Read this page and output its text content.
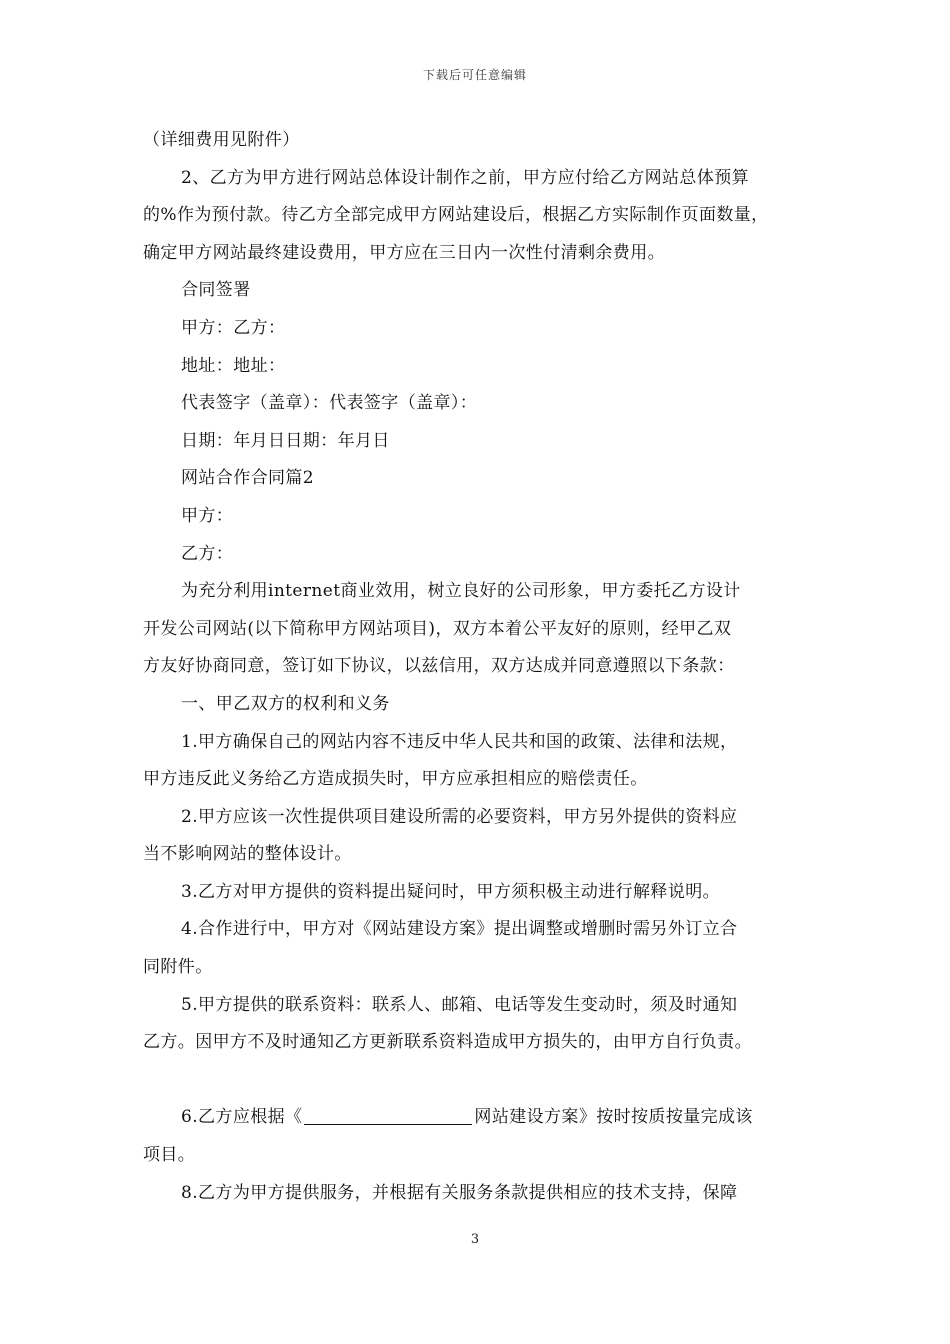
下载后可任意编辑
（详细费用见附件）
2、乙方为甲方进行网站总体设计制作之前，甲方应付给乙方网站总体预算
的%作为预付款。待乙方全部完成甲方网站建设后，根据乙方实际制作页面数量，
确定甲方网站最终建设费用，甲方应在三日内一次性付清剩余费用。
合同签署
甲方：乙方：
地址：地址：
代表签字（盖章）：代表签字（盖章）：
日期：年月日日期：年月日
网站合作合同篇2
甲方：
乙方：
为充分利用internet商业效用，树立良好的公司形象，甲方委托乙方设计
开发公司网站(以下简称甲方网站项目)，双方本着公平友好的原则，经甲乙双
方友好协商同意，签订如下协议，以兹信用，双方达成并同意遵照以下条款：
一、甲乙双方的权利和义务
1.甲方确保自己的网站内容不违反中华人民共和国的政策、法律和法规，
甲方违反此义务给乙方造成损失时，甲方应承担相应的赔偿责任。
2.甲方应该一次性提供项目建设所需的必要资料，甲方另外提供的资料应
当不影响网站的整体设计。
3.乙方对甲方提供的资料提出疑问时，甲方须积极主动进行解释说明。
4.合作进行中，甲方对《网站建设方案》提出调整或增删时需另外订立合
同附件。
5.甲方提供的联系资料：联系人、邮箱、电话等发生变动时，须及时通知
乙方。因甲方不及时通知乙方更新联系资料造成甲方损失的，由甲方自行负责。
6.乙方应根据《	网站建设方案》按时按质按量完成该
项目。
8.乙方为甲方提供服务，并根据有关服务条款提供相应的技术支持，保障
3
